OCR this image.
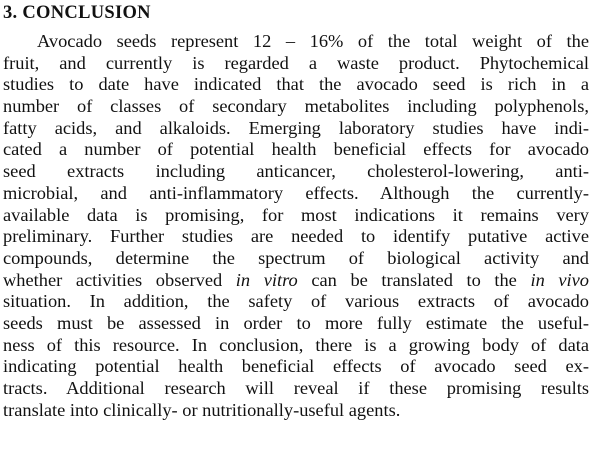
3. CONCLUSION
Avocado seeds represent 12 – 16% of the total weight of the
fruit, and currently is regarded a waste product. Phytochemical
studies to date have indicated that the avocado seed is rich in a
number of classes of secondary metabolites including polyphenols,
fatty acids, and alkaloids. Emerging laboratory studies have indi-
cated a number of potential health beneficial effects for avocado
seed extracts including anticancer, cholesterol-lowering, anti-
microbial, and anti-inflammatory effects. Although the currently-
available data is promising, for most indications it remains very
preliminary. Further studies are needed to identify putative active
compounds, determine the spectrum of biological activity and
whether activities observed in vitro can be translated to the in vivo
situation. In addition, the safety of various extracts of avocado
seeds must be assessed in order to more fully estimate the useful-
ness of this resource. In conclusion, there is a growing body of data
indicating potential health beneficial effects of avocado seed ex-
tracts. Additional research will reveal if these promising results
translate into clinically- or nutritionally-useful agents.
